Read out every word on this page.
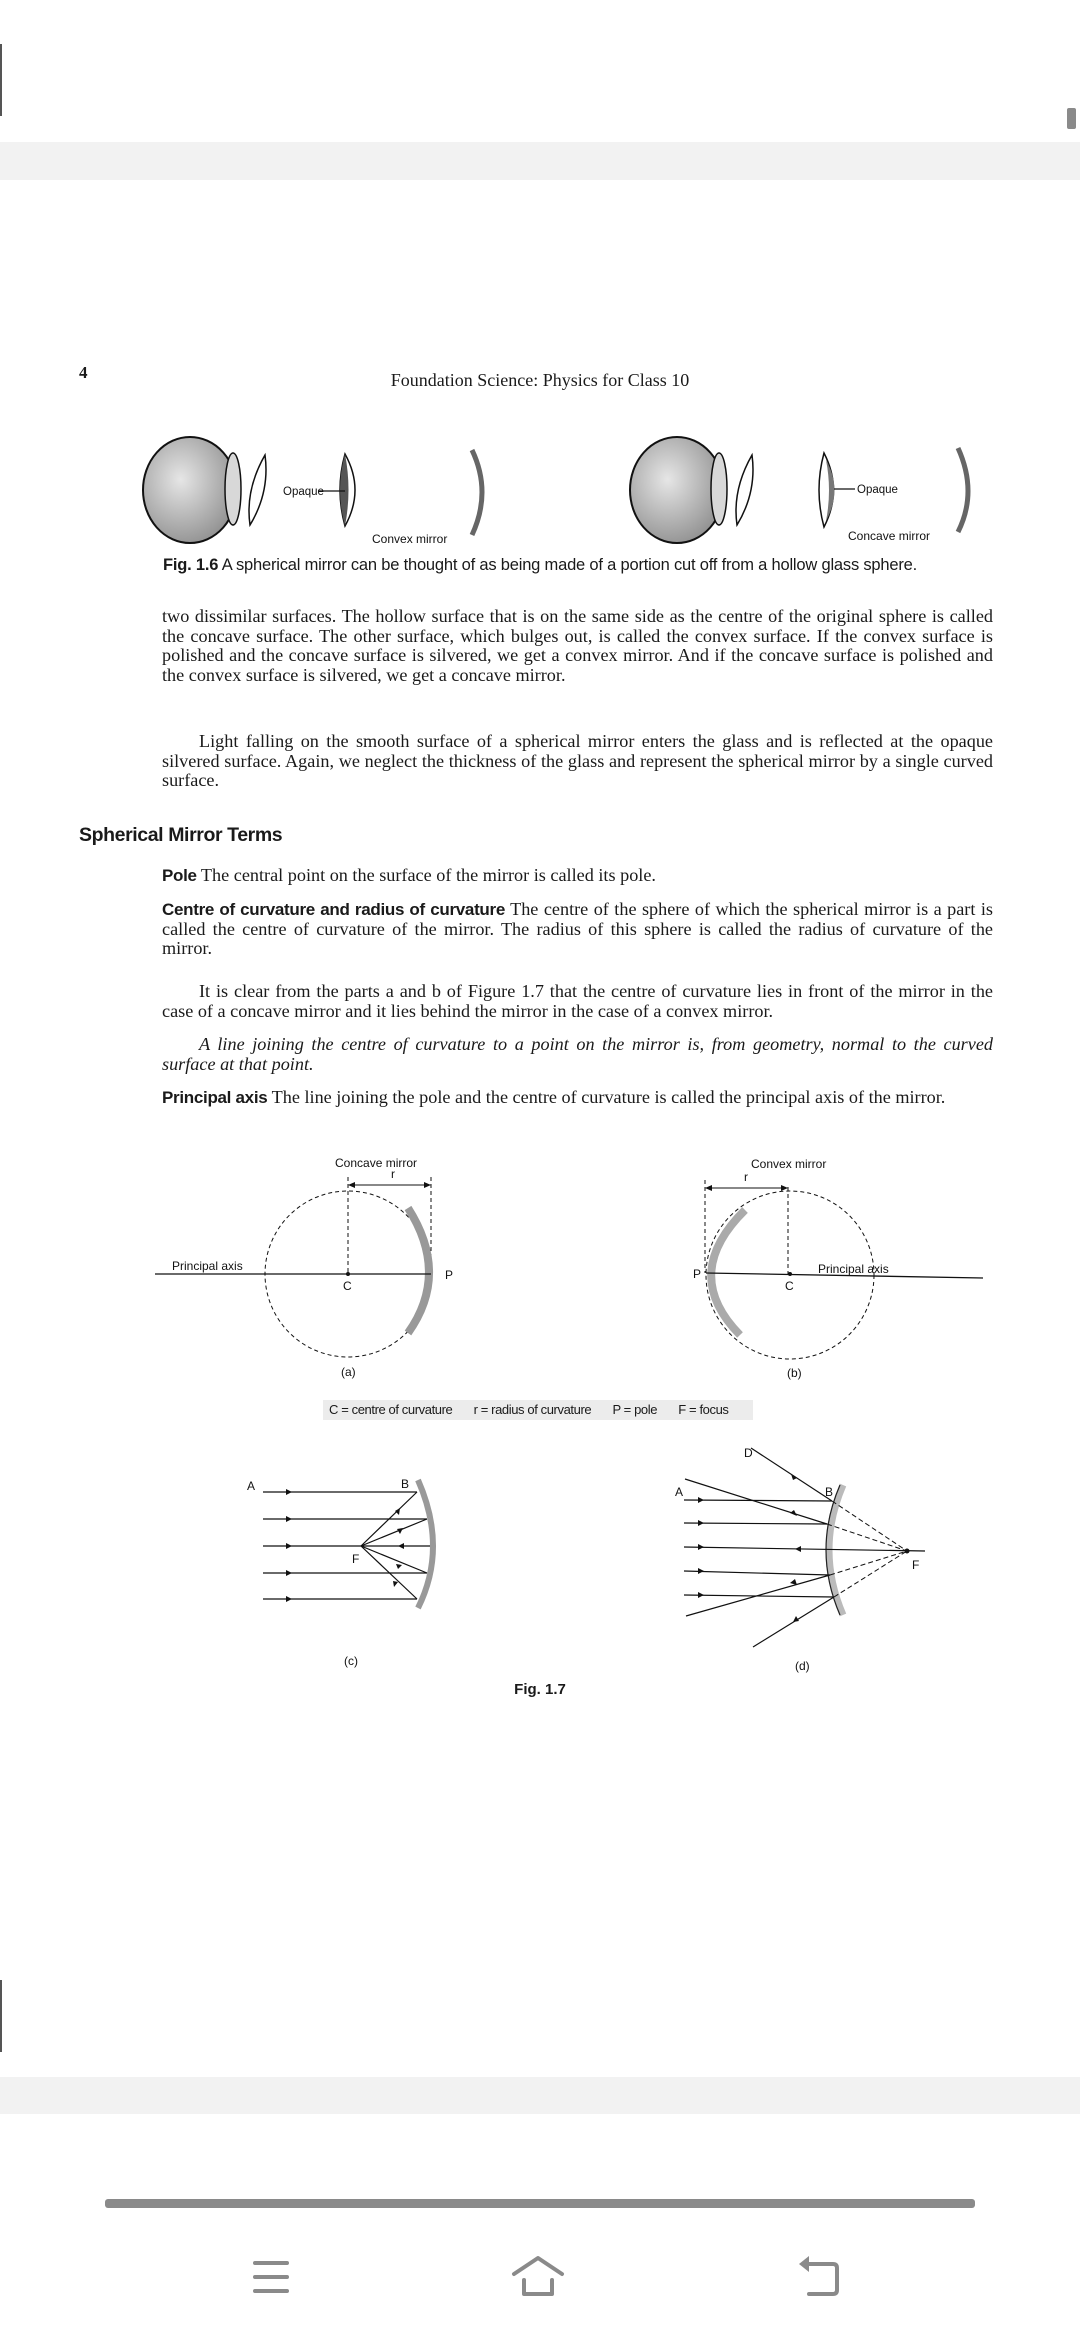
4	Foundation Science: Physics for Class 10
Opaque
Convex mirror
Opaque
Concave mirror
Fig. 1.6 A spherical mirror can be thought of as being made of a portion cut off from a hollow glass sphere.
two dissimilar surfaces. The hollow surface that is on the same side as the centre of the original sphere is called the concave surface. The other surface, which bulges out, is called the convex surface. If the convex surface is polished and the concave surface is silvered, we get a convex mirror. And if the concave surface is polished and the convex surface is silvered, we get a concave mirror.
Light falling on the smooth surface of a spherical mirror enters the glass and is reflected at the opaque silvered surface. Again, we neglect the thickness of the glass and represent the spherical mirror by a single curved surface.
Spherical Mirror Terms
Pole The central point on the surface of the mirror is called its pole.
Centre of curvature and radius of curvature The centre of the sphere of which the spherical mirror is a part is called the centre of curvature of the mirror. The radius of this sphere is called the radius of curvature of the mirror.
It is clear from the parts a and b of Figure 1.7 that the centre of curvature lies in front of the mirror in the case of a concave mirror and it lies behind the mirror in the case of a convex mirror.
A line joining the centre of curvature to a point on the mirror is, from geometry, normal to the curved surface at that point.
Principal axis The line joining the pole and the centre of curvature is called the principal axis of the mirror.
Concave mirror
r
Principal axis
C
P
(a)
Convex mirror
r
P
C
Principal axis
(b)
C = centre of curvature r = radius of curvature P = pole F = focus
A	B
F
(c)
D
A	B
F
(d)
Fig. 1.7
